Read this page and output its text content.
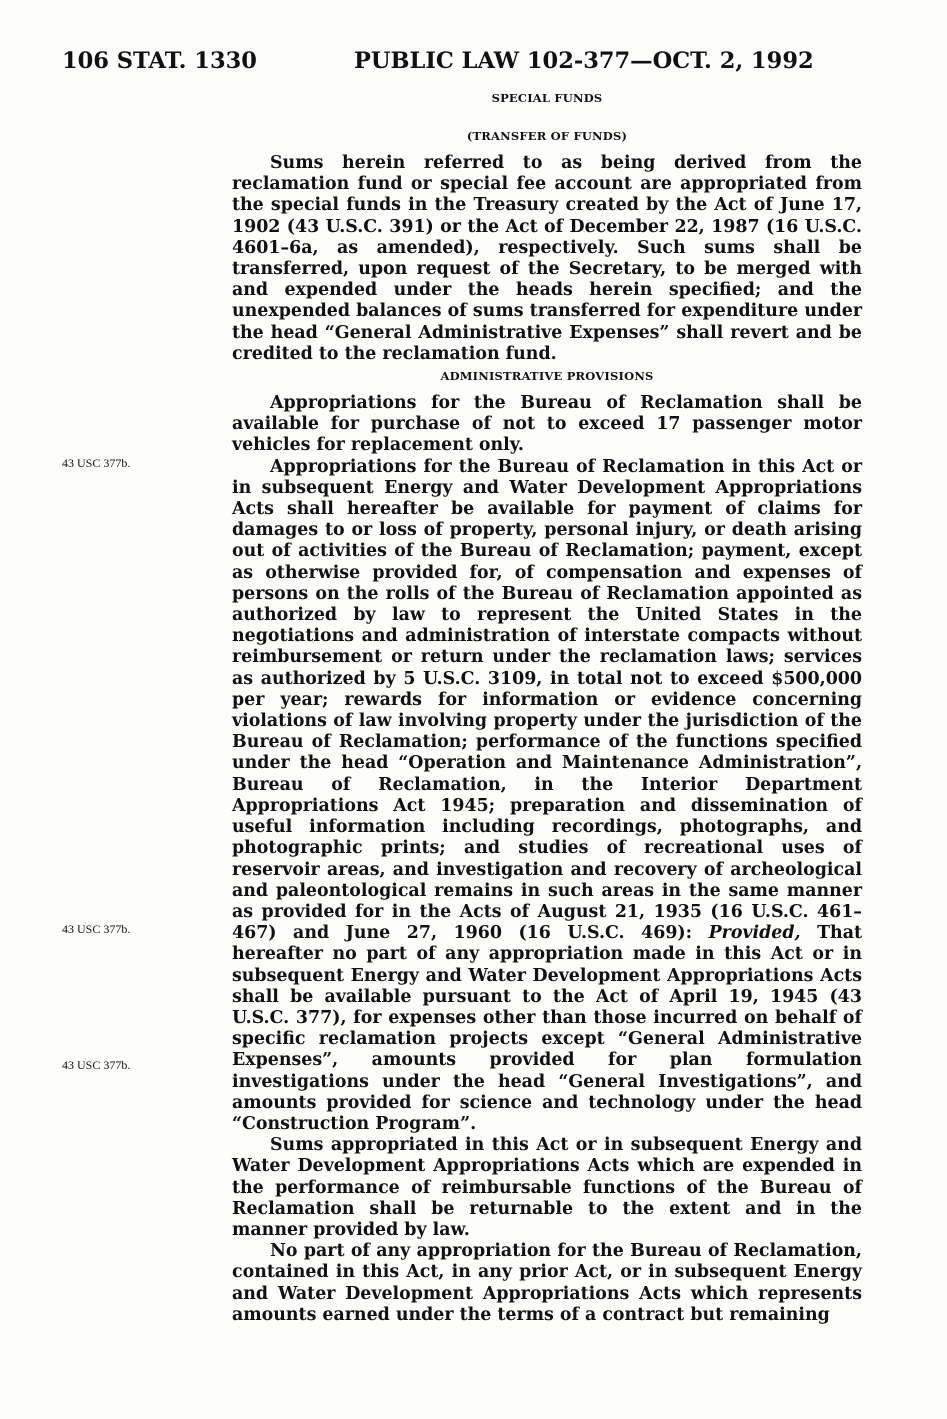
106 STAT. 1330	PUBLIC LAW 102-377—OCT. 2, 1992
43 USC 377b.
43 USC 377b.
43 USC 377b.
SPECIAL FUNDS
(TRANSFER OF FUNDS)

Sums herein referred to as being derived from the reclamation fund or special fee account are appropriated from the special funds in the Treasury created by the Act of June 17, 1902 (43 U.S.C. 391) or the Act of December 22, 1987 (16 U.S.C. 4601–6a, as amended), respectively. Such sums shall be transferred, upon request of the Secretary, to be merged with and expended under the heads herein specified; and the unexpended balances of sums transferred for expenditure under the head “General Administrative Expenses” shall revert and be credited to the reclamation fund.

ADMINISTRATIVE PROVISIONS

Appropriations for the Bureau of Reclamation shall be available for purchase of not to exceed 17 passenger motor vehicles for replacement only.

Appropriations for the Bureau of Reclamation in this Act or in subsequent Energy and Water Development Appropriations Acts shall hereafter be available for payment of claims for damages to or loss of property, personal injury, or death arising out of activities of the Bureau of Reclamation; payment, except as otherwise provided for, of compensation and expenses of persons on the rolls of the Bureau of Reclamation appointed as authorized by law to represent the United States in the negotiations and administration of interstate compacts without reimbursement or return under the reclamation laws; services as authorized by 5 U.S.C. 3109, in total not to exceed $500,000 per year; rewards for information or evidence concerning violations of law involving property under the jurisdiction of the Bureau of Reclamation; performance of the functions specified under the head “Operation and Maintenance Administration”, Bureau of Reclamation, in the Interior Department Appropriations Act 1945; preparation and dissemination of useful information including recordings, photographs, and photographic prints; and studies of recreational uses of reservoir areas, and investigation and recovery of archeological and paleontological remains in such areas in the same manner as provided for in the Acts of August 21, 1935 (16 U.S.C. 461–467) and June 27, 1960 (16 U.S.C. 469): Provided, That hereafter no part of any appropriation made in this Act or in subsequent Energy and Water Development Appropriations Acts shall be available pursuant to the Act of April 19, 1945 (43 U.S.C. 377), for expenses other than those incurred on behalf of specific reclamation projects except “General Administrative Expenses”, amounts provided for plan formulation investigations under the head “General Investigations”, and amounts provided for science and technology under the head “Construction Program”.

Sums appropriated in this Act or in subsequent Energy and Water Development Appropriations Acts which are expended in the performance of reimbursable functions of the Bureau of Reclamation shall be returnable to the extent and in the manner provided by law.

No part of any appropriation for the Bureau of Reclamation, contained in this Act, in any prior Act, or in subsequent Energy and Water Development Appropriations Acts which represents amounts earned under the terms of a contract but remaining
